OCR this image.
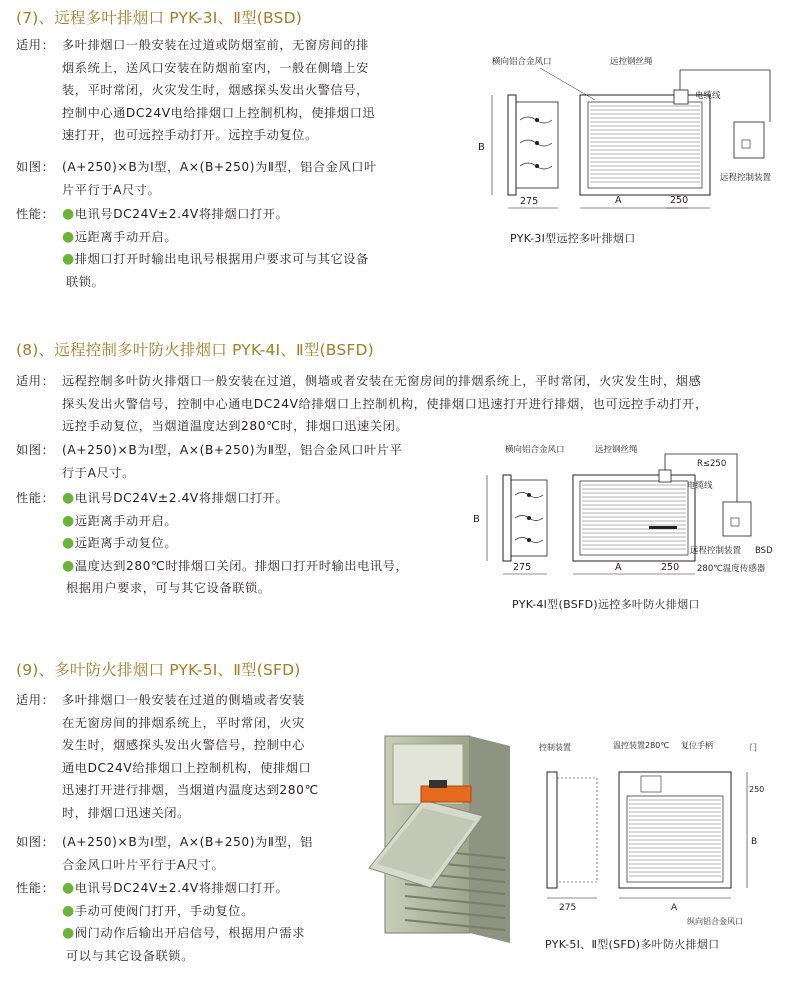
(7)、远程多叶排烟口 PYK-3Ⅰ、Ⅱ型(BSD)
适用： 多叶排烟口一般安装在过道或防烟室前，无窗房间的排
烟系统上，送风口安装在防烟前室内，一般在侧墙上安
装，平时常闭，火灾发生时，烟感探头发出火警信号，
控制中心通DC24V电给排烟口上控制机构，使排烟口迅
速打开，也可远控手动打开。远控手动复位。
如图： (A+250)×B为Ⅰ型，A×(B+250)为Ⅱ型，铝合金风口叶
片平行于A尺寸。
性能： ●电讯号DC24V±2.4V将排烟口打开。
●远距离手动开启。
●排烟口打开时输出电讯号根据用户要求可与其它设备
联锁。
B
275	A	250
横向铝合金风口	远控钢丝绳
电缆线
远程控制装置
PYK-3Ⅰ型远控多叶排烟口
(8)、远程控制多叶防火排烟口 PYK-4Ⅰ、Ⅱ型(BSFD)
适用： 远程控制多叶防火排烟口一般安装在过道，侧墙或者安装在无窗房间的排烟系统上，平时常闭，火灾发生时，烟感
探头发出火警信号，控制中心通电DC24V给排烟口上控制机构，使排烟口迅速打开进行排烟，也可远控手动打开，
远控手动复位，当烟道温度达到280℃时，排烟口迅速关闭。
如图： (A+250)×B为Ⅰ型，A×(B+250)为Ⅱ型，铝合金风口叶片平
行于A尺寸。
性能： ●电讯号DC24V±2.4V将排烟口打开。
●远距离手动开启。
●远距离手动复位。
●温度达到280℃时排烟口关闭。排烟口打开时输出电讯号，
根据用户要求，可与其它设备联锁。
B
275	A	250
横向铝合金风口	远控钢丝绳
R≤250
电缆线
远程控制装置 BSD
280℃温度传感器
PYK-4Ⅰ型(BSFD)远控多叶防火排烟口
(9)、多叶防火排烟口 PYK-5Ⅰ、Ⅱ型(SFD)
适用： 多叶排烟口一般安装在过道的侧墙或者安装
在无窗房间的排烟系统上，平时常闭，火灾
发生时，烟感探头发出火警信号，控制中心
通电DC24V给排烟口上控制机构，使排烟口
迅速打开进行排烟，当烟道内温度达到280℃
时，排烟口迅速关闭。
如图： (A+250)×B为Ⅰ型，A×(B+250)为Ⅱ型，铝
合金风口叶片平行于A尺寸。
性能： ●电讯号DC24V±2.4V将排烟口打开。
●手动可使阀门打开，手动复位。
●阀门动作后输出开启信号，根据用户需求
可以与其它设备联锁。
控制装置	温控装置280℃ 复位手柄	门
275
250
B
A
纵向铝合金风口
PYK-5Ⅰ、Ⅱ型(SFD)多叶防火排烟口
